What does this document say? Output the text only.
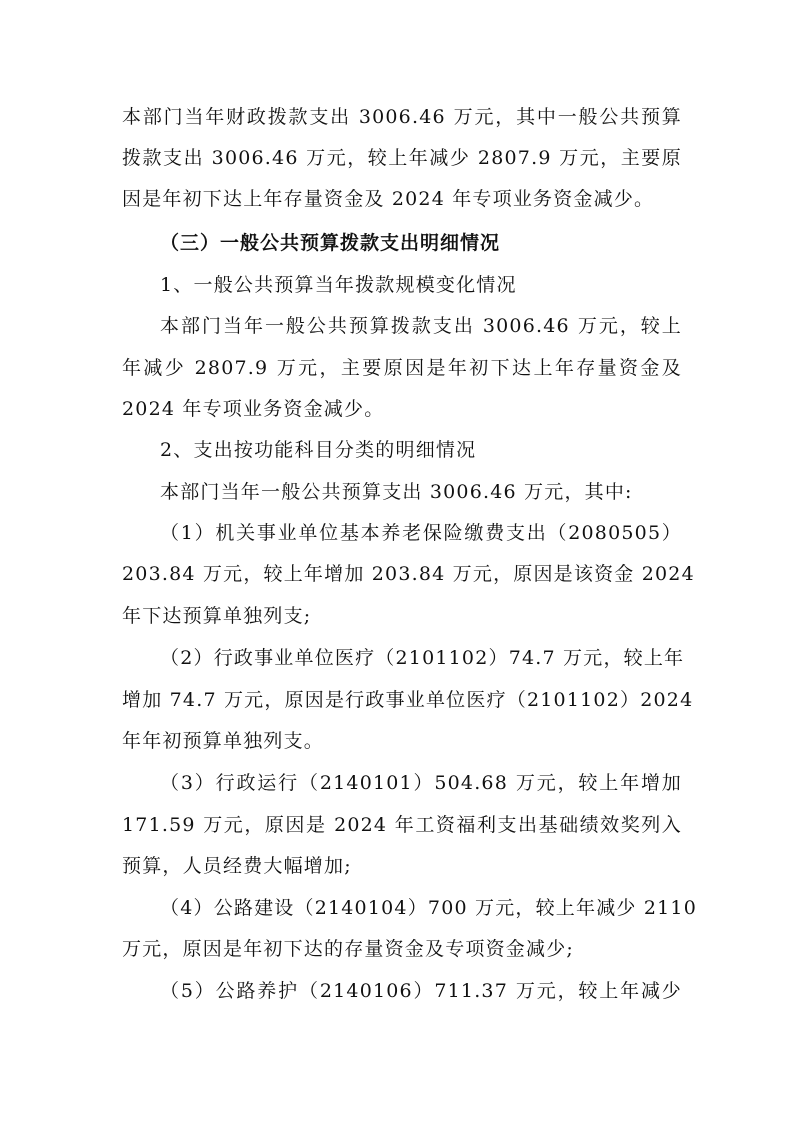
本部门当年财政拨款支出 3006.46 万元，其中一般公共预算
拨款支出 3006.46 万元，较上年减少 2807.9 万元，主要原
因是年初下达上年存量资金及 2024 年专项业务资金减少。
（三）一般公共预算拨款支出明细情况
1、一般公共预算当年拨款规模变化情况
本部门当年一般公共预算拨款支出 3006.46 万元，较上
年减少 2807.9 万元，主要原因是年初下达上年存量资金及
2024 年专项业务资金减少。
2、支出按功能科目分类的明细情况
本部门当年一般公共预算支出 3006.46 万元，其中:
（1）机关事业单位基本养老保险缴费支出（2080505）
203.84 万元，较上年增加 203.84 万元，原因是该资金 2024
年下达预算单独列支;
（2）行政事业单位医疗（2101102）74.7 万元，较上年
增加 74.7 万元，原因是行政事业单位医疗（2101102）2024
年年初预算单独列支。
（3）行政运行（2140101）504.68 万元，较上年增加
171.59 万元，原因是 2024 年工资福利支出基础绩效奖列入
预算，人员经费大幅增加;
（4）公路建设（2140104）700 万元，较上年减少 2110
万元，原因是年初下达的存量资金及专项资金减少;
（5）公路养护（2140106）711.37 万元，较上年减少
